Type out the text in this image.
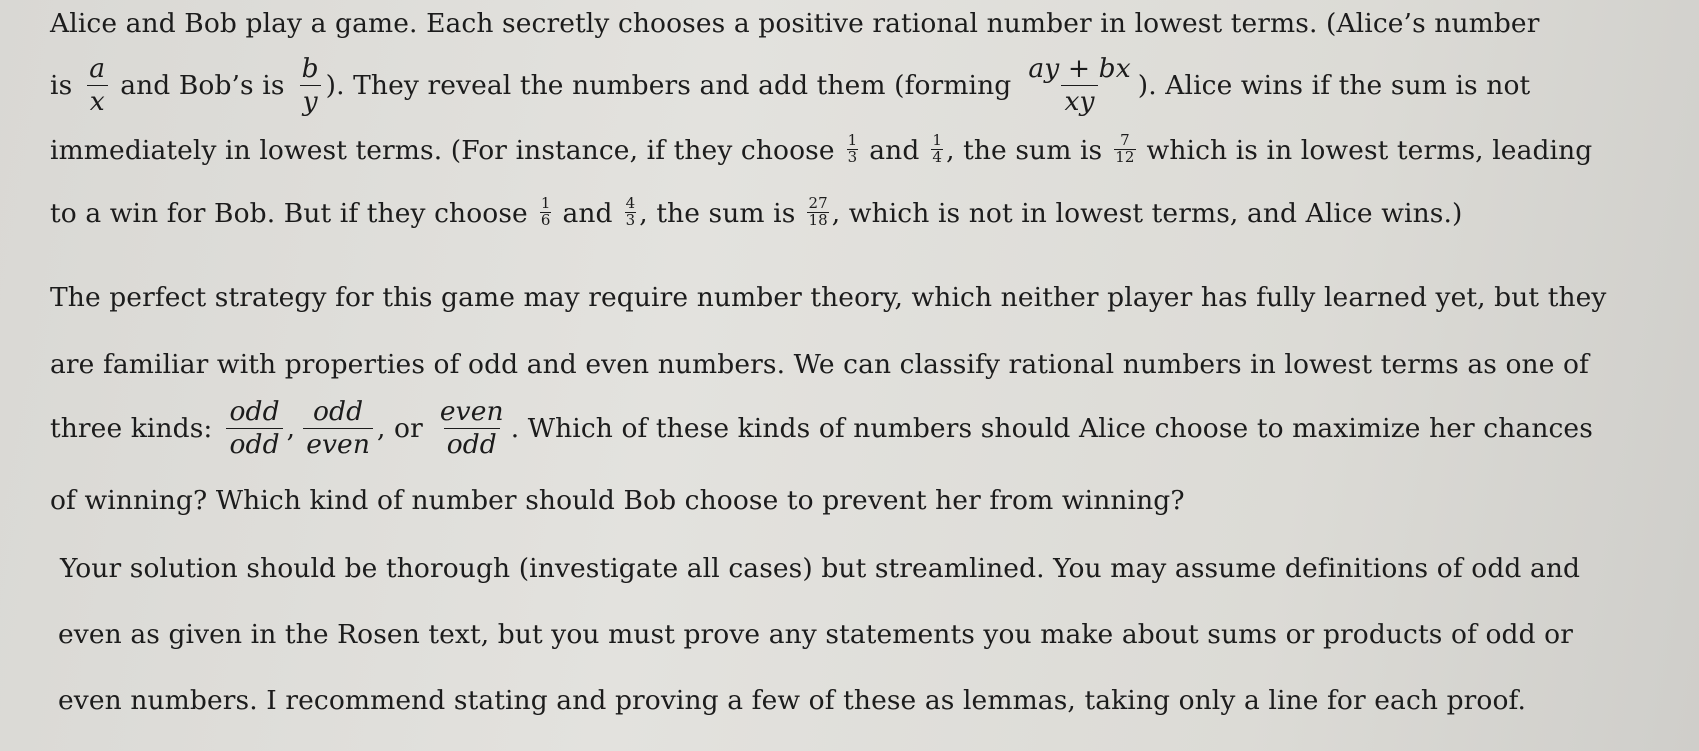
Alice and Bob play a game. Each secretly chooses a positive rational number in lowest terms. (Alice’s number
is $\frac{a}{x}$ and Bob’s is $\frac{b}{y}$ ). They reveal the numbers and add them ($forming \frac{ay + bx}{xy}$ ). Alice wins if the sum is not
immediately in lowest terms. (For instance, if they choose $\frac{1}{3}$ and $\frac{1}{4}$ , the sum is $\frac{7}{12}$ which is in lowest terms, leading
to a win for Bob. But if they choose $\frac{1}{6}$ and $\frac{4}{3}$ , the sum is $\frac{27}{18}$ , which is not in lowest terms, and Alice wins.)
The perfect strategy for this game may require number theory, which neither player has fully learned yet, but they
are familiar with properties of odd and even numbers. We can classify rational numbers in lowest terms as one of
three kinds: $\frac{\text{odd}}{\text{odd}}$ , $\frac{\text{odd}}{\text{even}}$ , or $\frac{\text{even}}{\text{odd}}$ . Which of these kinds of numbers should Alice choose to maximize her chances
of winning? Which kind of number should Bob choose to prevent her from winning?
Your solution should be thorough (investigate all cases) but streamlined. You may assume definitions of odd and
even as given in the Rosen text, but you must prove any statements you make about sums or products of odd or
even numbers. I recommend stating and proving a few of these as lemmas, taking only a line for each proof.
